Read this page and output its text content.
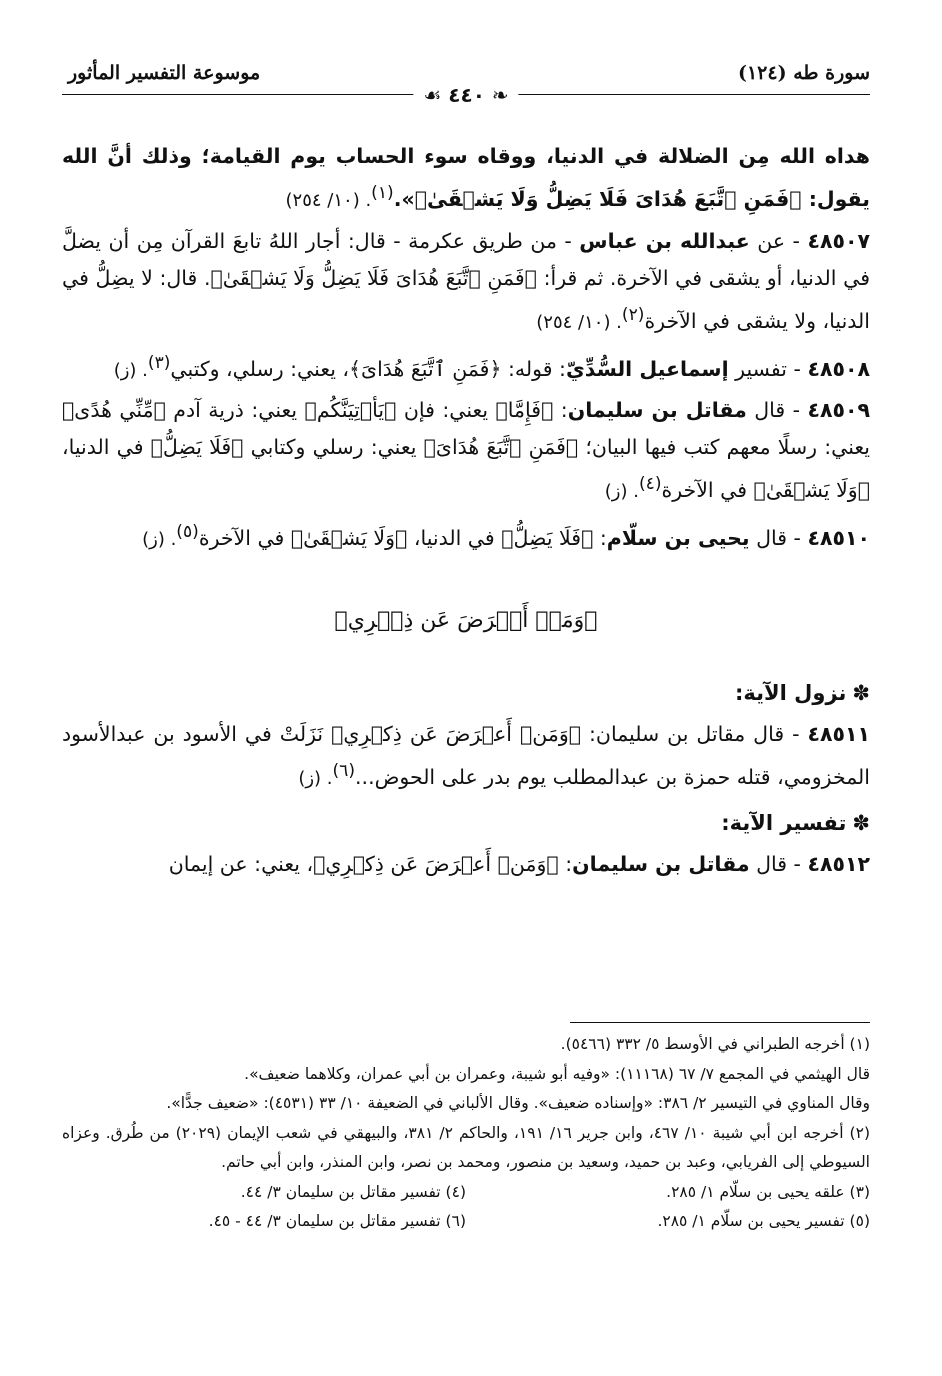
سورة طه (١٢٤)
موسوعة التفسير المأثور
❧ ٤٤٠ ☙

هداه الله مِن الضلالة في الدنيا، ووقاه سوء الحساب يوم القيامة؛ وذلك أنَّ الله يقول: ﴿فَمَنِ ٱتَّبَعَ هُدَاىَ فَلَا يَضِلُّ وَلَا يَشۡقَىٰ﴾».$^{(١)}$. (١٠/ ٢٥٤)

٤٨٥٠٧ - عن عبدالله بن عباس - من طريق عكرمة - قال: أجار اللهُ تابعَ القرآن مِن أن يضلَّ في الدنيا، أو يشقى في الآخرة. ثم قرأ: ﴿فَمَنِ ٱتَّبَعَ هُدَاىَ فَلَا يَضِلُّ وَلَا يَشۡقَىٰ﴾. قال: لا يضِلُّ في الدنيا، ولا يشقى في الآخرة$^{(٢)}$. (١٠/ ٢٥٤)

٤٨٥٠٨ - تفسير إسماعيل السُّدِّيّ: قوله: ﴿فَمَنِ ٱتَّبَعَ هُدَاىَ﴾، يعني: رسلي، وكتبي$^{(٣)}$. (ز)

٤٨٥٠٩ - قال مقاتل بن سليمان: ﴿فَإِمَّا﴾ يعني: فإن ﴿يَأۡتِيَنَّكُم﴾ يعني: ذرية آدم ﴿مِّنِّي هُدًى﴾ يعني: رسلًا معهم كتب فيها البيان؛ ﴿فَمَنِ ٱتَّبَعَ هُدَاىَ﴾ يعني: رسلي وكتابي ﴿فَلَا يَضِلُّ﴾ في الدنيا، ﴿وَلَا يَشۡقَىٰ﴾ في الآخرة$^{(٤)}$. (ز)

٤٨٥١٠ - قال يحيى بن سلّام: ﴿فَلَا يَضِلُّ﴾ في الدنيا، ﴿وَلَا يَشۡقَىٰ﴾ في الآخرة$^{(٥)}$. (ز)

﴿وَمَنۡ أَعۡرَضَ عَن ذِكۡرِي﴾
✽نزول الآية:

٤٨٥١١ - قال مقاتل بن سليمان: ﴿وَمَنۡ أَعۡرَضَ عَن ذِكۡرِي﴾ نَزَلَتْ في الأسود بن عبدالأسود المخزومي، قتله حمزة بن عبدالمطلب يوم بدر على الحوض...$^{(٦)}$. (ز)

✽تفسير الآية:

٤٨٥١٢ - قال مقاتل بن سليمان: ﴿وَمَنۡ أَعۡرَضَ عَن ذِكۡرِي﴾، يعني: عن إيمان

(١) أخرجه الطبراني في الأوسط ٥/ ٣٣٢ (٥٤٦٦).

قال الهيثمي في المجمع ٧/ ٦٧ (١١١٦٨): «وفيه أبو شيبة، وعمران بن أبي عمران، وكلاهما ضعيف».

وقال المناوي في التيسير ٢/ ٣٨٦: «وإسناده ضعيف». وقال الألباني في الضعيفة ١٠/ ٣٣ (٤٥٣١): «ضعيف جدًّا».

(٢) أخرجه ابن أبي شيبة ١٠/ ٤٦٧، وابن جرير ١٦/ ١٩١، والحاكم ٢/ ٣٨١، والبيهقي في شعب الإيمان (٢٠٢٩) من طُرق. وعزاه السيوطي إلى الفريابي، وعبد بن حميد، وسعيد بن منصور، ومحمد بن نصر، وابن المنذر، وابن أبي حاتم.

(٣) علقه يحيى بن سلّام ١/ ٢٨٥.
(٤) تفسير مقاتل بن سليمان ٣/ ٤٤.
(٥) تفسير يحيى بن سلّام ١/ ٢٨٥.
(٦) تفسير مقاتل بن سليمان ٣/ ٤٤ - ٤٥.
